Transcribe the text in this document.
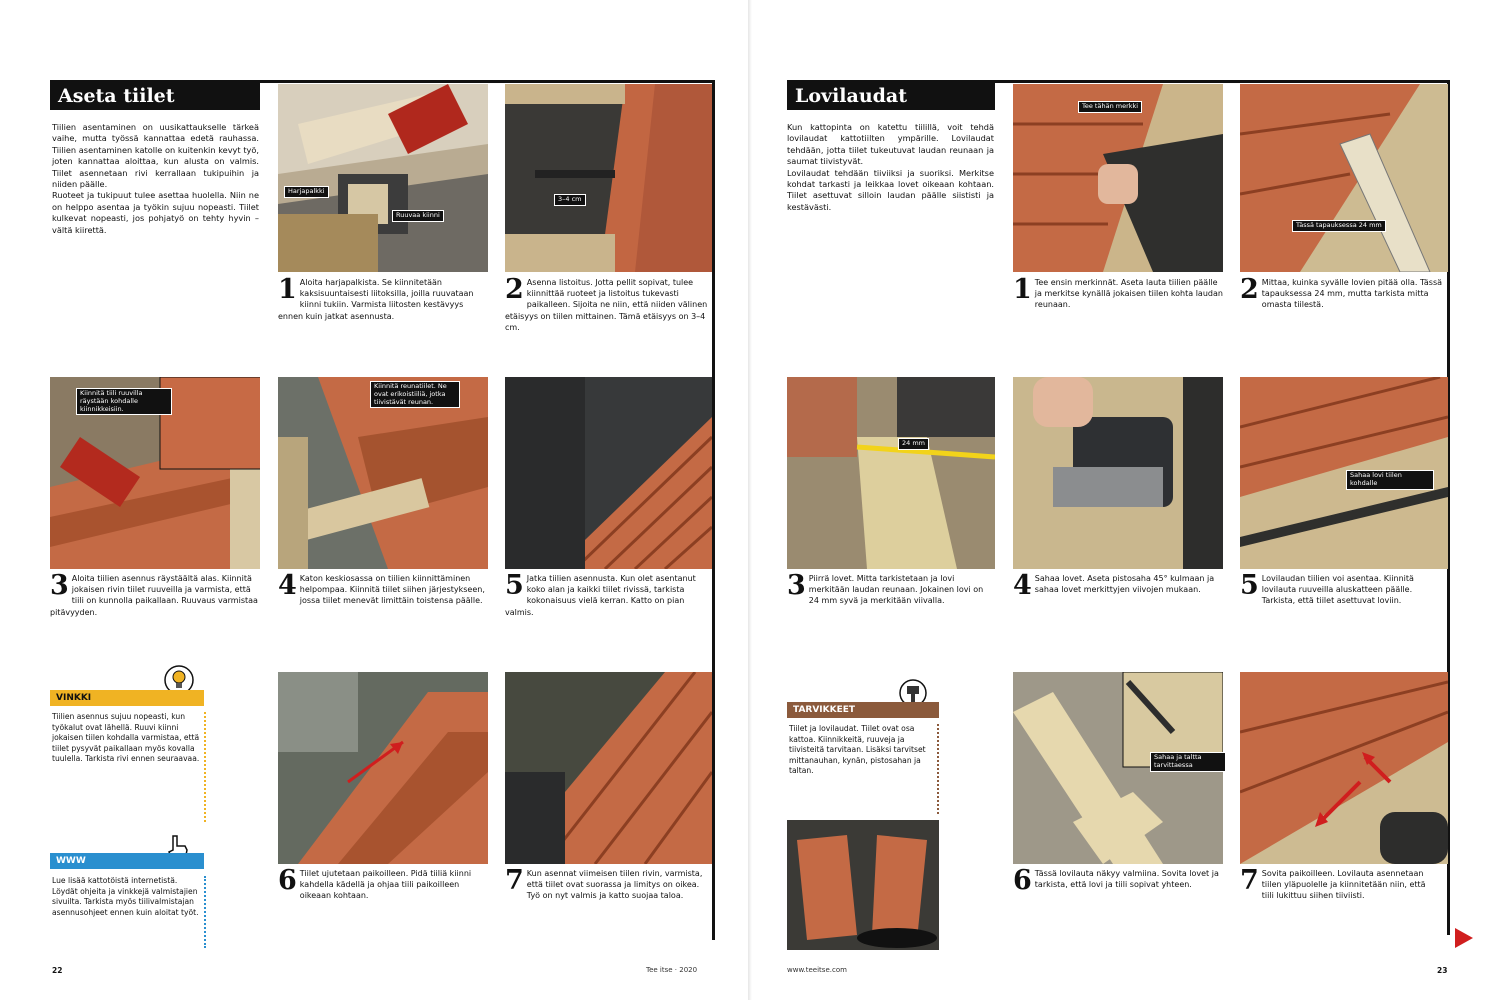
Aseta tiilet
Tiilien asentaminen on uusikattaukselle tärkeä vaihe, mutta työssä kannattaa edetä rauhassa. Tiilien asentaminen katolle on kuitenkin kevyt työ, joten kannattaa aloittaa, kun alusta on valmis. Tiilet asennetaan rivi kerrallaan tukipuihin ja niiden päälle.
Ruoteet ja tukipuut tulee asettaa huolella. Niin ne on helppo asentaa ja työkin sujuu nopeasti. Tiilet kulkevat nopeasti, jos pohjatyö on tehty hyvin – vältä kiirettä.
Harjapalkki
Ruuvaa kiinni
3–4 cm
1 Aloita harjapalkista. Se kiinnitetään kaksisuuntaisesti liitoksilla, joilla ruuvataan kiinni tukiin. Varmista liitosten kestävyys ennen kuin jatkat asennusta.
2 Asenna listoitus. Jotta pellit sopivat, tulee kiinnittää ruoteet ja listoitus tukevasti paikalleen. Sijoita ne niin, että niiden välinen etäisyys on tiilen mittainen. Tämä etäisyys on 3–4 cm.
Kiinnitä tiili ruuvilla räystään kohdalle kiinnikkeisiin.
Kiinnitä reunatiilet. Ne ovat erikoistiiliä, jotka tiivistävät reunan.
3 Aloita tiilien asennus räystäältä alas. Kiinnitä jokaisen rivin tiilet ruuveilla ja varmista, että tiili on kunnolla paikallaan. Ruuvaus varmistaa pitävyyden.
4 Katon keskiosassa on tiilien kiinnittäminen helpompaa. Kiinnitä tiilet siihen järjestykseen, jossa tiilet menevät limittäin toistensa päälle. 5 Jatka tiilien asennusta. Kun olet asentanut koko alan ja kaikki tiilet rivissä, tarkista kokonaisuus vielä kerran. Katto on pian valmis.
VINKKI
Tiilien asennus sujuu nopeasti, kun työkalut ovat lähellä. Ruuvi kiinni jokaisen tiilen kohdalla varmistaa, että tiilet pysyvät paikallaan myös kovalla tuulella. Tarkista rivi ennen seuraavaa.
WWW
Lue lisää kattotöistä internetistä. Löydät ohjeita ja vinkkejä valmistajien sivuilta. Tarkista myös tiilivalmistajan asennusohjeet ennen kuin aloitat työt.
6 Tiilet ujutetaan paikoilleen. Pidä tiiliä kiinni kahdella kädellä ja ohjaa tiili paikoilleen oikeaan kohtaan.	7 Kun asennat viimeisen tiilen rivin, varmista, että tiilet ovat suorassa ja limitys on oikea. Työ on nyt valmis ja katto suojaa taloa.
22	Tee itse · 2020
Lovilaudat
Kun kattopinta on katettu tiilillä, voit tehdä lovilaudat kattotiilten ympärille. Lovilaudat tehdään, jotta tiilet tukeutuvat laudan reunaan ja saumat tiivistyvät.
Lovilaudat tehdään tiiviiksi ja suoriksi. Merkitse kohdat tarkasti ja leikkaa lovet oikeaan kohtaan. Tiilet asettuvat silloin laudan päälle siististi ja kestävästi.
Tee tähän merkki
Tässä tapauksessa 24 mm
1 Tee ensin merkinnät. Aseta lauta tiilien päälle ja merkitse kynällä jokaisen tiilen kohta laudan reunaan.	2 Mittaa, kuinka syvälle lovien pitää olla. Tässä tapauksessa 24 mm, mutta tarkista mitta omasta tiilestä.
24 mm
Sahaa lovi tiilen kohdalle
3 Piirrä lovet. Mitta tarkistetaan ja lovi merkitään laudan reunaan. Jokainen lovi on 24 mm syvä ja merkitään viivalla.	4 Sahaa lovet. Aseta pistosaha 45° kulmaan ja sahaa lovet merkittyjen viivojen mukaan.	5 Lovilaudan tiilien voi asentaa. Kiinnitä lovilauta ruuveilla aluskatteen päälle. Tarkista, että tiilet asettuvat loviin.
TARVIKKEET
Tiilet ja lovilaudat. Tiilet ovat osa kattoa. Kiinnikkeitä, ruuveja ja tiivisteitä tarvitaan. Lisäksi tarvitset mittanauhan, kynän, pistosahan ja taltan.
Sahaa ja taltta tarvittaessa
6 Tässä lovilauta näkyy valmiina. Sovita lovet ja tarkista, että lovi ja tiili sopivat yhteen.	7 Sovita paikoilleen. Lovilauta asennetaan tiilen yläpuolelle ja kiinnitetään niin, että tiili lukittuu siihen tiiviisti.
www.teeitse.com	23
